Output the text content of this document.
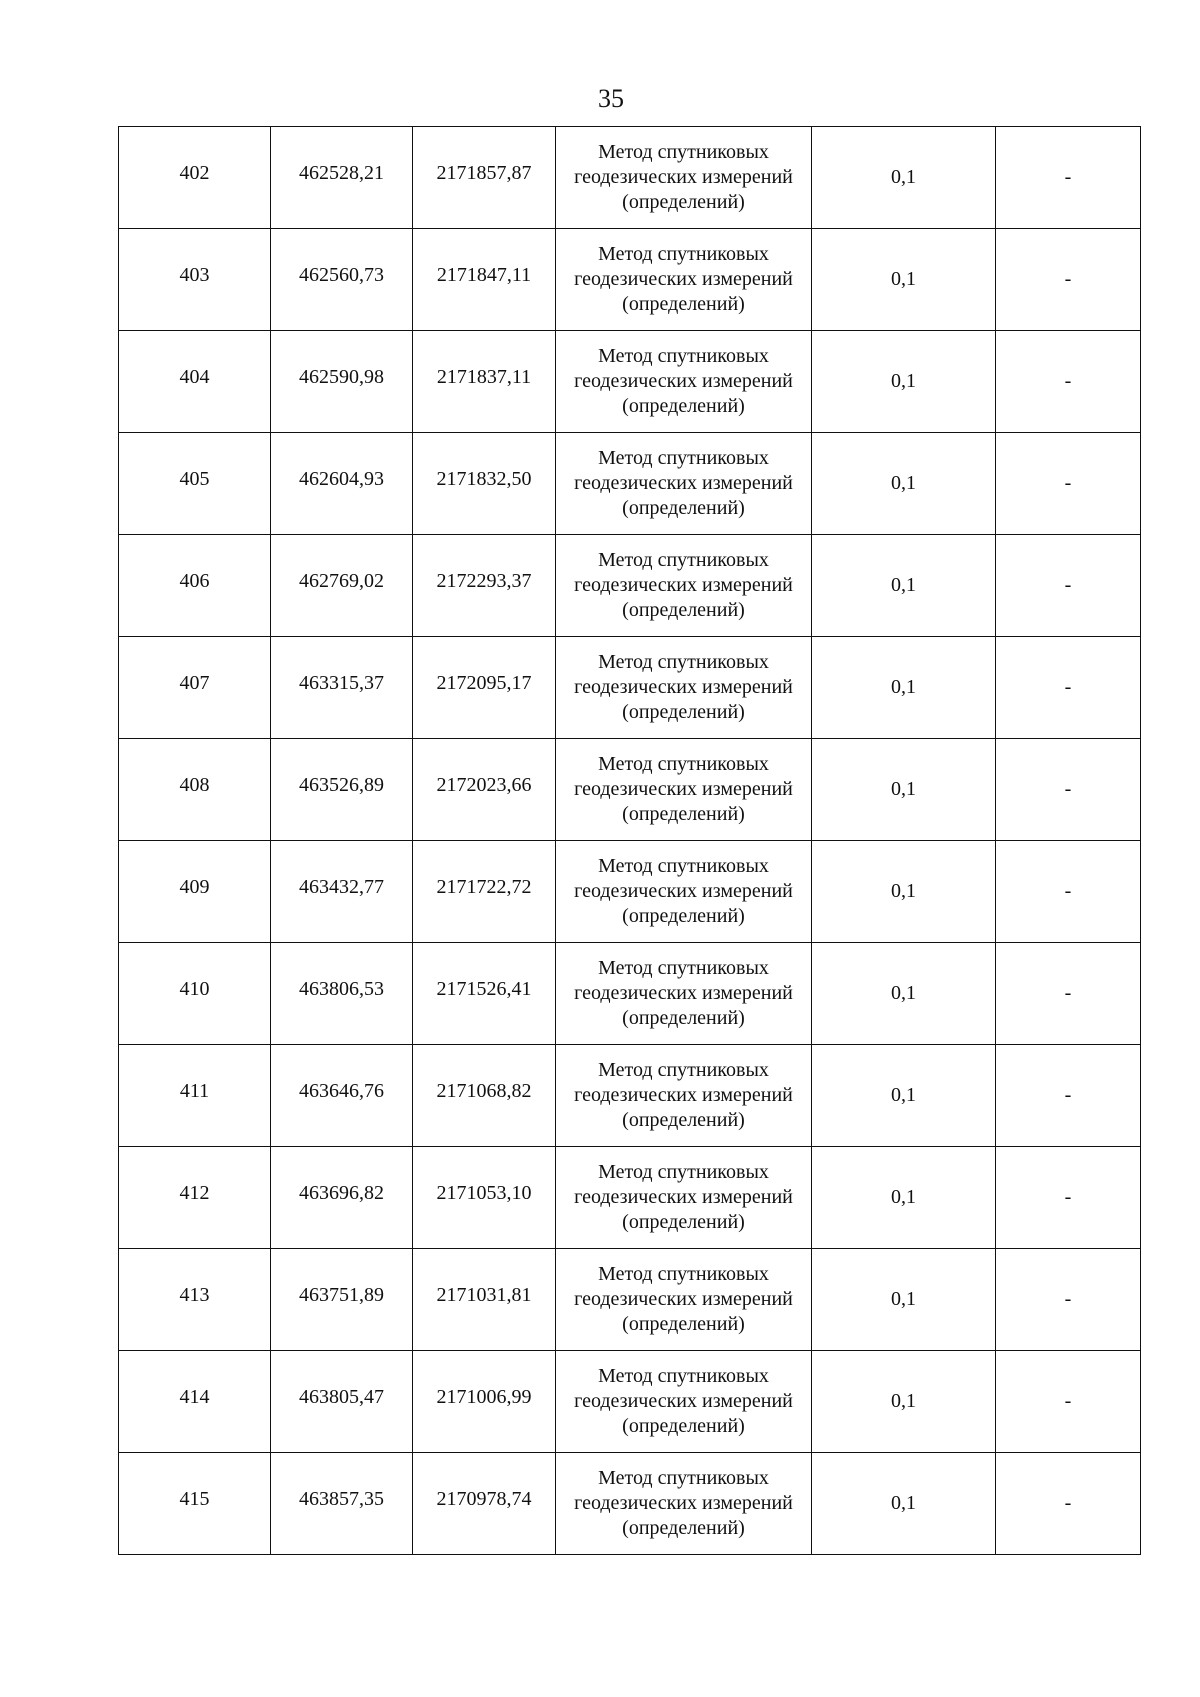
35
402	462528,21	2171857,87	Метод спутниковых
геодезических измерений
(определений)	0,1	-
403	462560,73	2171847,11	Метод спутниковых
геодезических измерений
(определений)	0,1	-
404	462590,98	2171837,11	Метод спутниковых
геодезических измерений
(определений)	0,1	-
405	462604,93	2171832,50	Метод спутниковых
геодезических измерений
(определений)	0,1	-
406	462769,02	2172293,37	Метод спутниковых
геодезических измерений
(определений)	0,1	-
407	463315,37	2172095,17	Метод спутниковых
геодезических измерений
(определений)	0,1	-
408	463526,89	2172023,66	Метод спутниковых
геодезических измерений
(определений)	0,1	-
409	463432,77	2171722,72	Метод спутниковых
геодезических измерений
(определений)	0,1	-
410	463806,53	2171526,41	Метод спутниковых
геодезических измерений
(определений)	0,1	-
411	463646,76	2171068,82	Метод спутниковых
геодезических измерений
(определений)	0,1	-
412	463696,82	2171053,10	Метод спутниковых
геодезических измерений
(определений)	0,1	-
413	463751,89	2171031,81	Метод спутниковых
геодезических измерений
(определений)	0,1	-
414	463805,47	2171006,99	Метод спутниковых
геодезических измерений
(определений)	0,1	-
415	463857,35	2170978,74	Метод спутниковых
геодезических измерений
(определений)	0,1	-
